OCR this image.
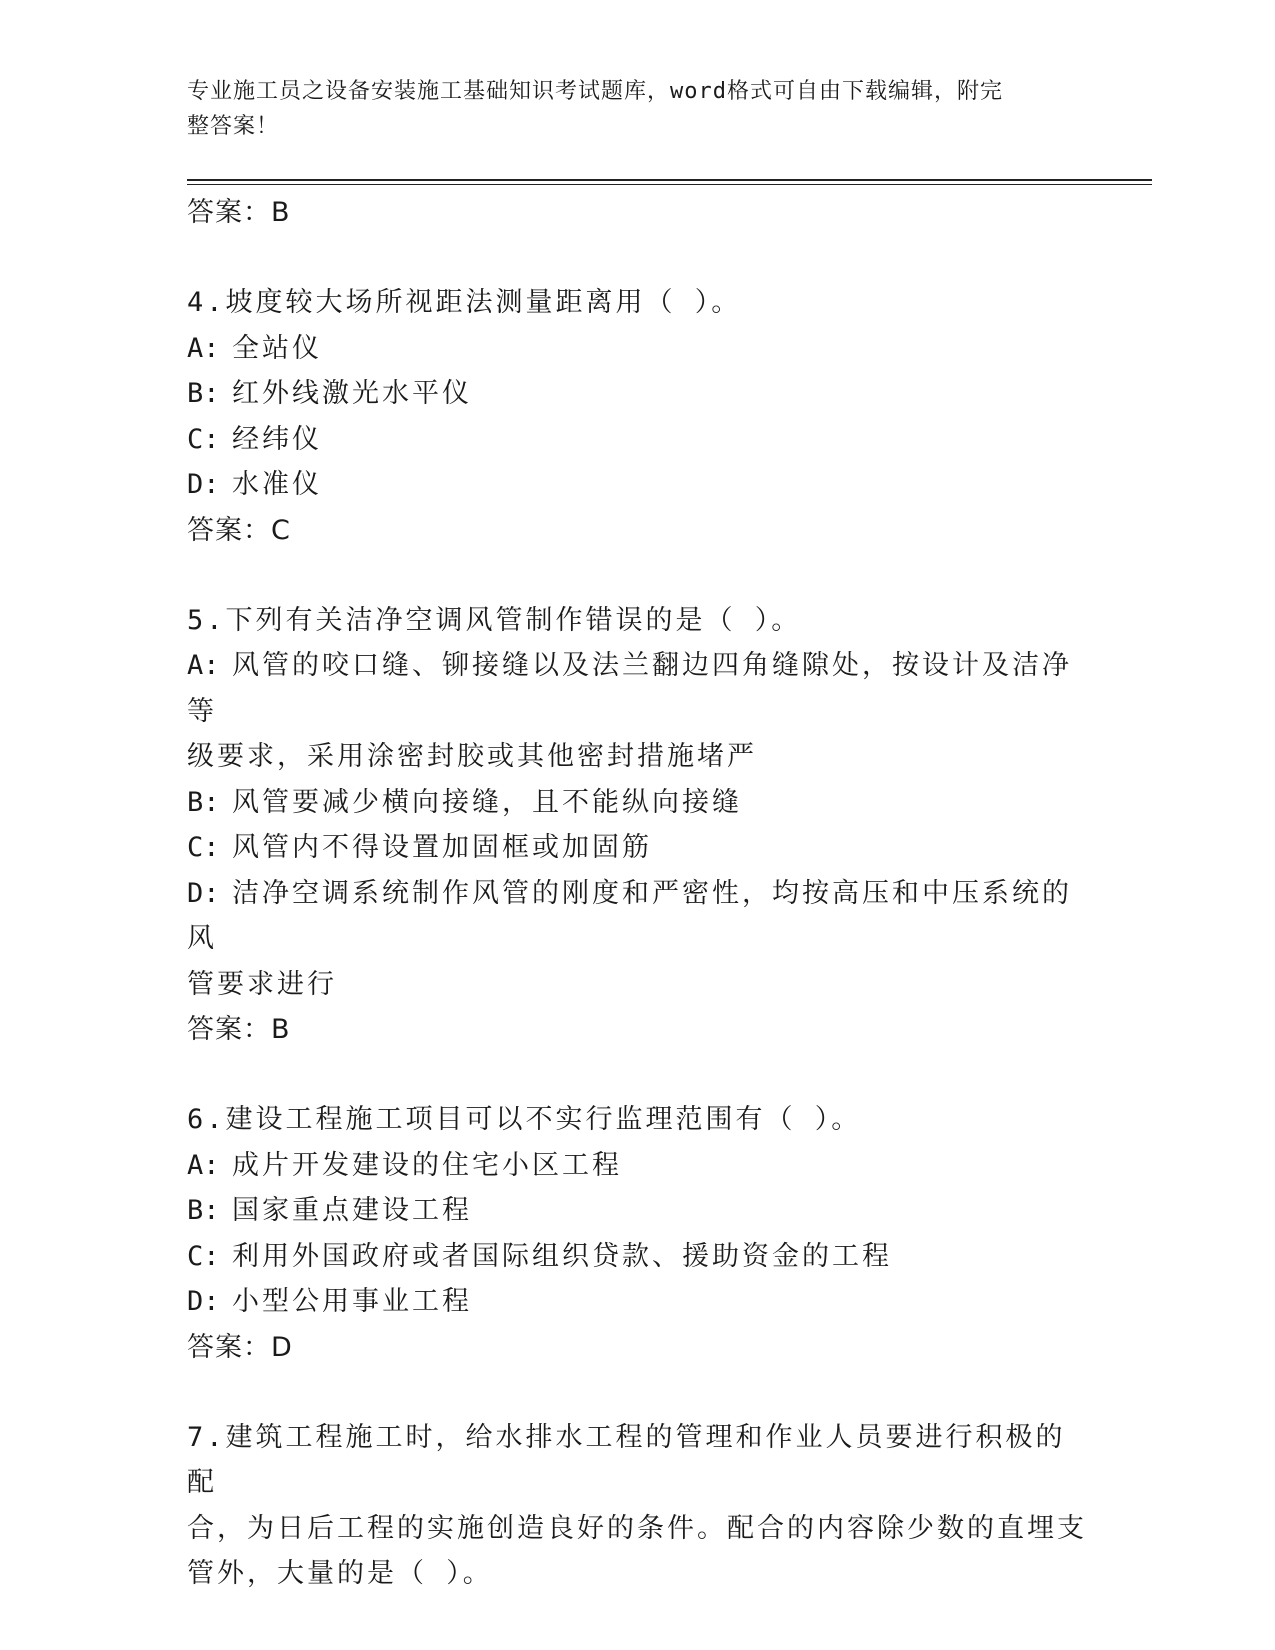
专业施工员之设备安装施工基础知识考试题库，word格式可自由下载编辑，附完
整答案！
答案：B
4.坡度较大场所视距法测量距离用（ ）。
A: 全站仪
B: 红外线激光水平仪
C: 经纬仪
D: 水准仪
答案：C
5.下列有关洁净空调风管制作错误的是（ ）。
A: 风管的咬口缝、铆接缝以及法兰翻边四角缝隙处，按设计及洁净等
级要求，采用涂密封胶或其他密封措施堵严
B: 风管要减少横向接缝，且不能纵向接缝
C: 风管内不得设置加固框或加固筋
D: 洁净空调系统制作风管的刚度和严密性，均按高压和中压系统的风
管要求进行
答案：B
6.建设工程施工项目可以不实行监理范围有（ ）。
A: 成片开发建设的住宅小区工程
B: 国家重点建设工程
C: 利用外国政府或者国际组织贷款、援助资金的工程
D: 小型公用事业工程
答案：D
7.建筑工程施工时，给水排水工程的管理和作业人员要进行积极的配
合，为日后工程的实施创造良好的条件。配合的内容除少数的直埋支
管外，大量的是（ ）。
